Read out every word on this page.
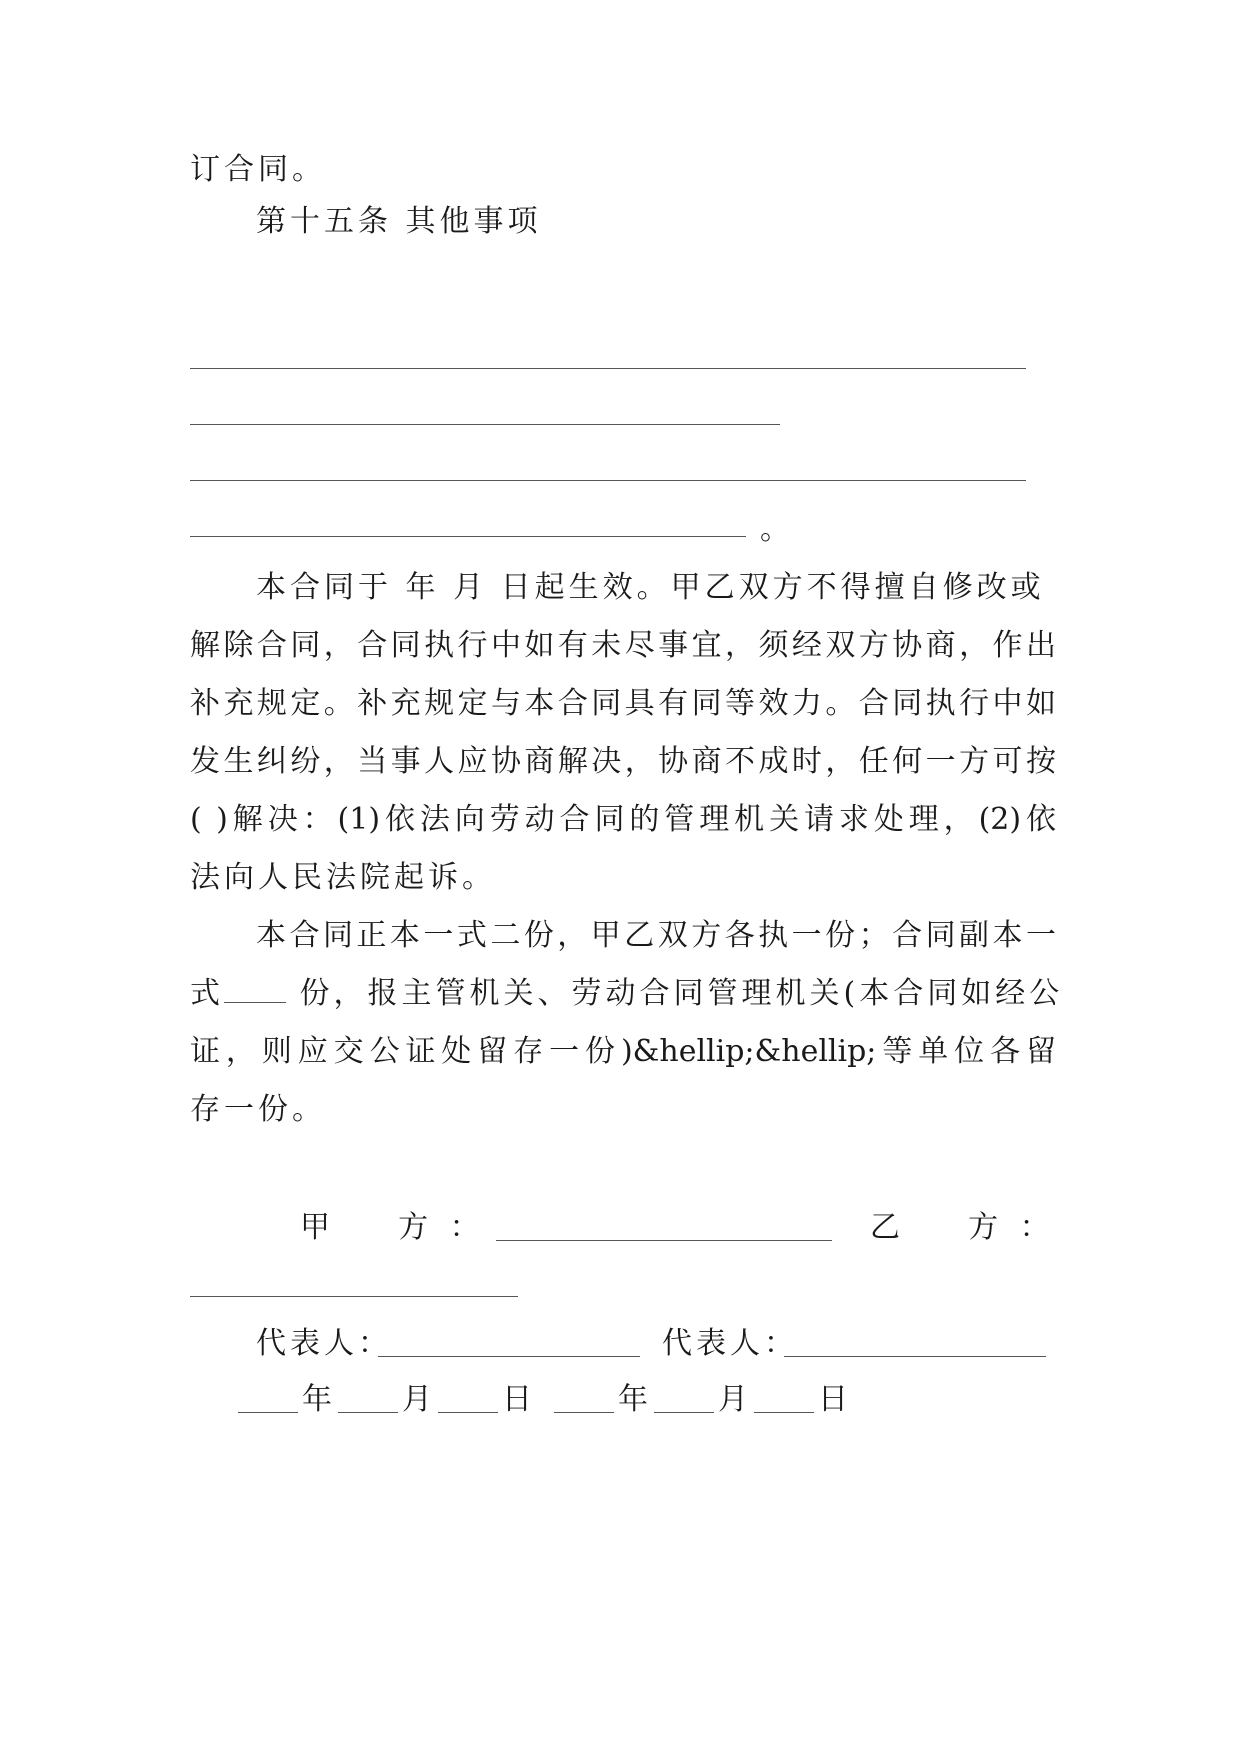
订合同。
第十五条 其他事项
。
本合同于 年 月 日起生效。甲乙双方不得擅自修改或
解除合同，合同执行中如有未尽事宜，须经双方协商，作出
补充规定。补充规定与本合同具有同等效力。合同执行中如
发生纠纷，当事人应协商解决，协商不成时，任何一方可按
( )解决：(1)依法向劳动合同的管理机关请求处理，(2)依
法向人民法院起诉。
本合同正本一式二份，甲乙双方各执一份；合同副本一
式 份，报主管机关、劳动合同管理机关(本合同如经公
证，则应交公证处留存一份)&hellip;&hellip;等单位各留
存一份。
甲    方 ：	乙    方 ：
代表人：	代表人：
年 月 日	年 月 日
